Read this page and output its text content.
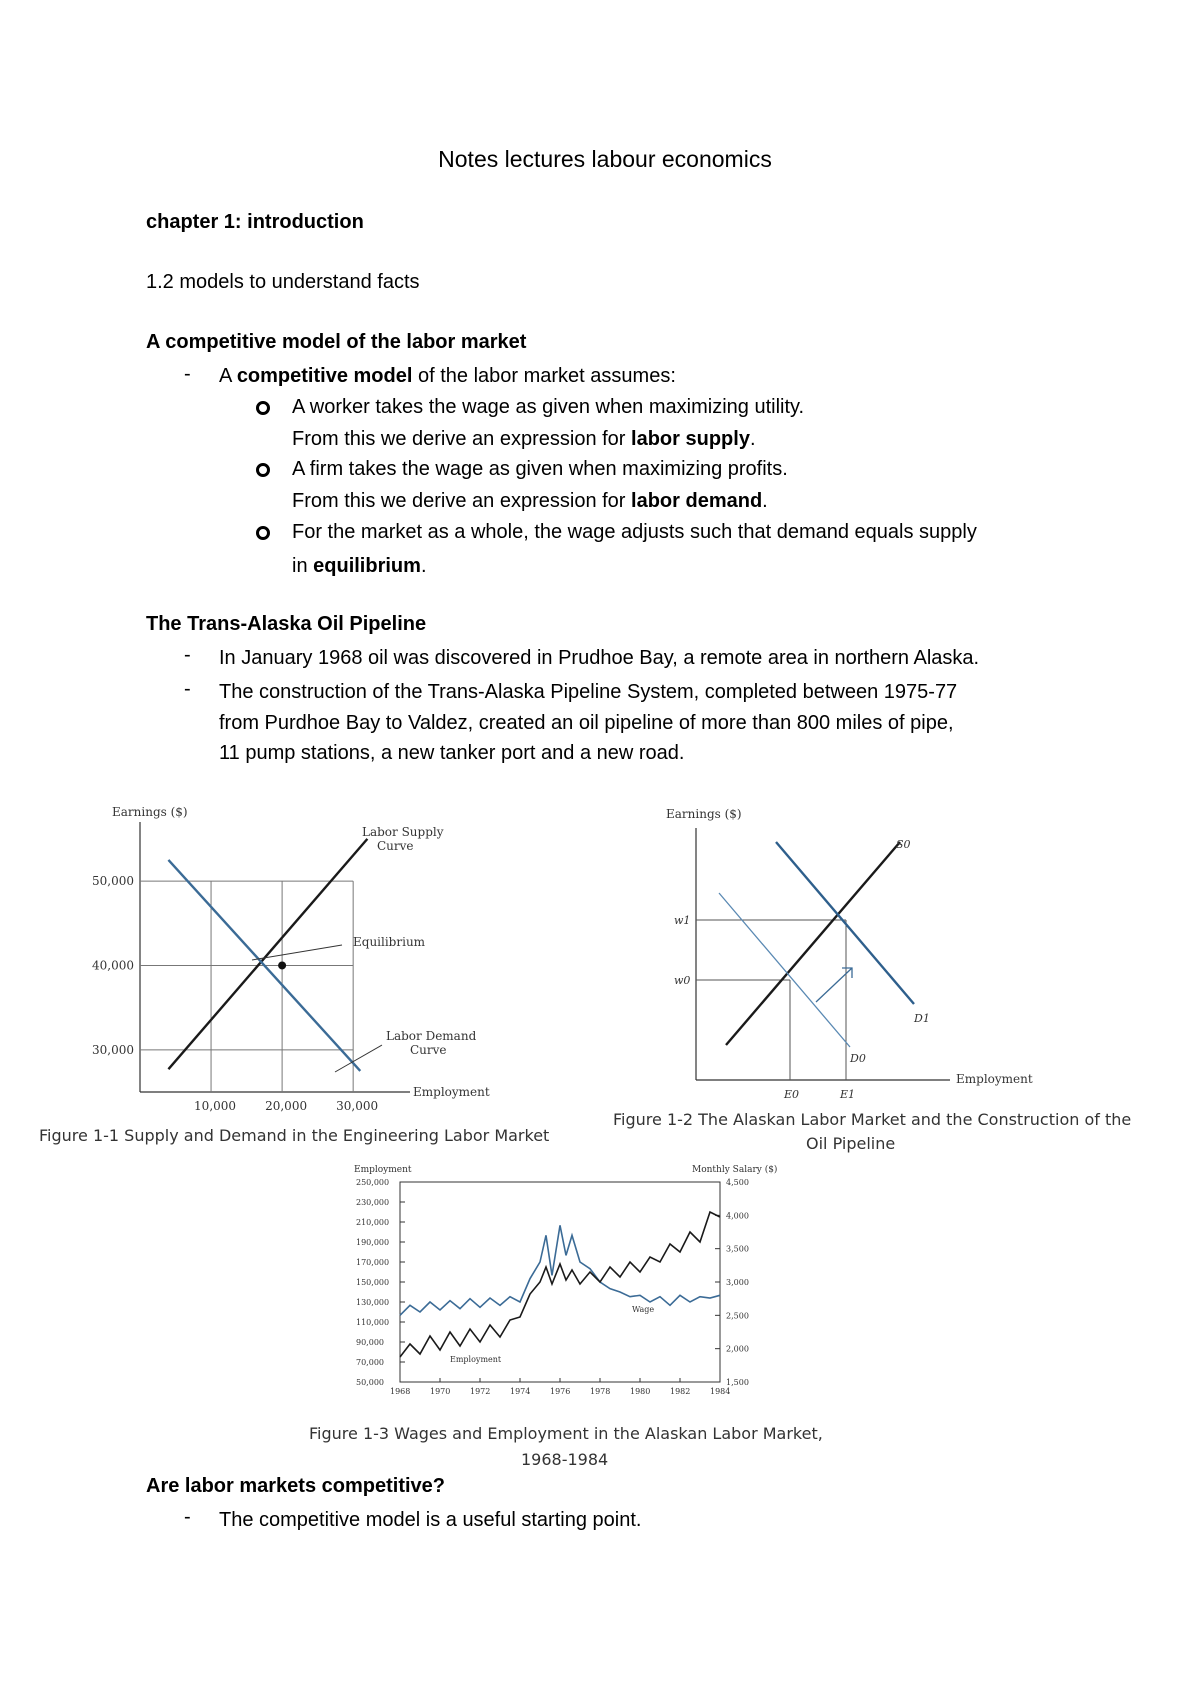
Notes lectures labour economics
chapter 1: introduction
1.2 models to understand facts
A competitive model of the labor market
- A competitive model of the labor market assumes:
A worker takes the wage as given when maximizing utility.
From this we derive an expression for labor supply.
A firm takes the wage as given when maximizing profits.
From this we derive an expression for labor demand.
For the market as a whole, the wage adjusts such that demand equals supply
in equilibrium.
The Trans-Alaska Oil Pipeline
- In January 1968 oil was discovered in Prudhoe Bay, a remote area in northern Alaska.
- The construction of the Trans-Alaska Pipeline System, completed between 1975-77
from Purdhoe Bay to Valdez, created an oil pipeline of more than 800 miles of pipe,
11 pump stations, a new tanker port and a new road.
Earnings ($)
Employment
10,000 20,000 30,000
30,000
40,000
50,000
Labor Supply
Curve
Equilibrium
Labor Demand
Curve
Figure 1-1 Supply and Demand in the Engineering Labor Market
Earnings ($)
Employment
w1
w0
E0	E1
S0
D0
D1
Figure 1-2 The Alaskan Labor Market and the Construction of the
Oil Pipeline
Employment	Monthly Salary ($)
50,000
70,000
90,000
110,000
130,000
150,000
170,000
190,000
210,000
230,000
250,000
1,500
2,000
2,500
3,000
3,500
4,000
4,500
1968 1970 1972 1974 1976 1978 1980 1982 1984
Employment
Wage
Figure 1-3 Wages and Employment in the Alaskan Labor Market,
1968-1984
Are labor markets competitive?
- The competitive model is a useful starting point.
